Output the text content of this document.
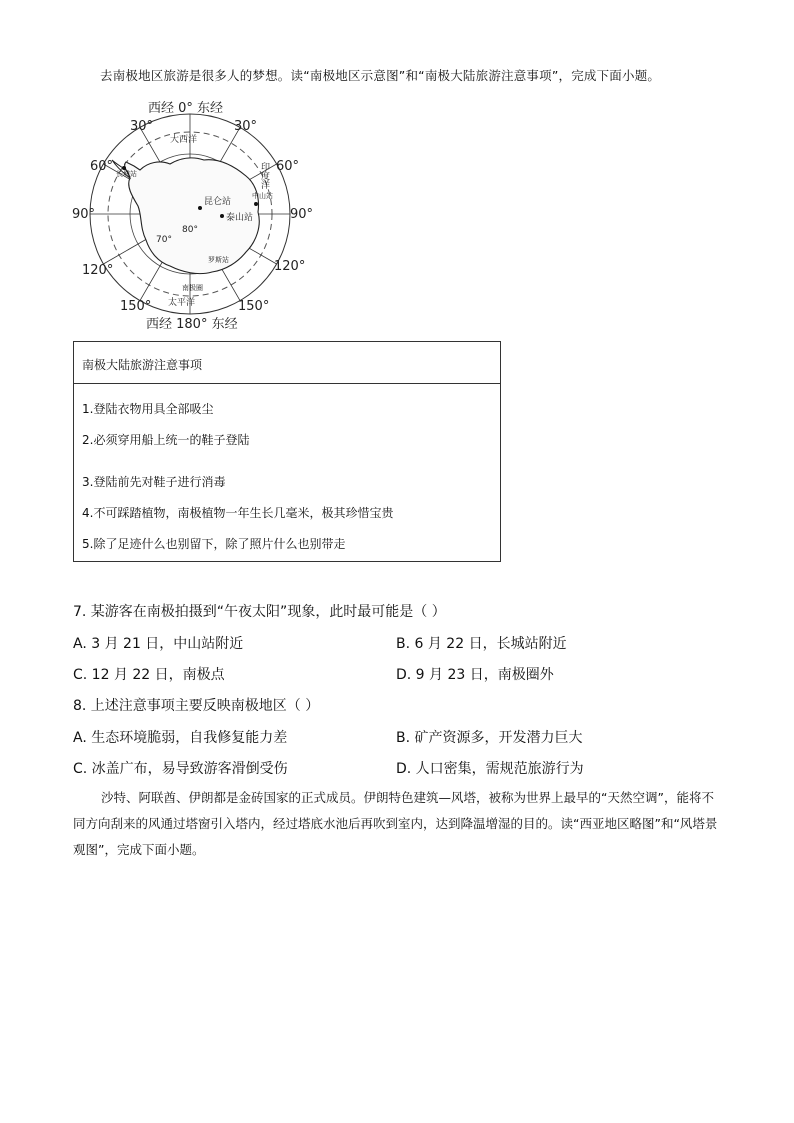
去南极地区旅游是很多人的梦想。读“南极地区示意图”和“南极大陆旅游注意事项”，完成下面小题。
西经 0° 东经
西经 180° 东经
30°	30°
60°	60°
90°	90°
120°	120°
150°	150°
大西洋
太平洋
70°
80°
昆仑站
泰山站
长城站
中山站
罗斯站
南极圈
印度洋
南极大陆旅游注意事项
1.登陆衣物用具全部吸尘
2.必须穿用船上统一的鞋子登陆
3.登陆前先对鞋子进行消毒
4.不可踩踏植物，南极植物一年生长几毫米，极其珍惜宝贵
5.除了足迹什么也别留下，除了照片什么也别带走
7. 某游客在南极拍摄到“午夜太阳”现象，此时最可能是（ ）
A. 3 月 21 日，中山站附近	B. 6 月 22 日，长城站附近
C. 12 月 22 日，南极点	D. 9 月 23 日，南极圈外
8. 上述注意事项主要反映南极地区（ ）
A. 生态环境脆弱，自我修复能力差	B. 矿产资源多，开发潜力巨大
C. 冰盖广布，易导致游客滑倒受伤	D. 人口密集，需规范旅游行为
沙特、阿联酋、伊朗都是金砖国家的正式成员。伊朗特色建筑—风塔，被称为世界上最早的“天然空调”，能将不同方向刮来的风通过塔窗引入塔内，经过塔底水池后再吹到室内，达到降温增湿的目的。读“西亚地区略图”和“风塔景观图”，完成下面小题。
